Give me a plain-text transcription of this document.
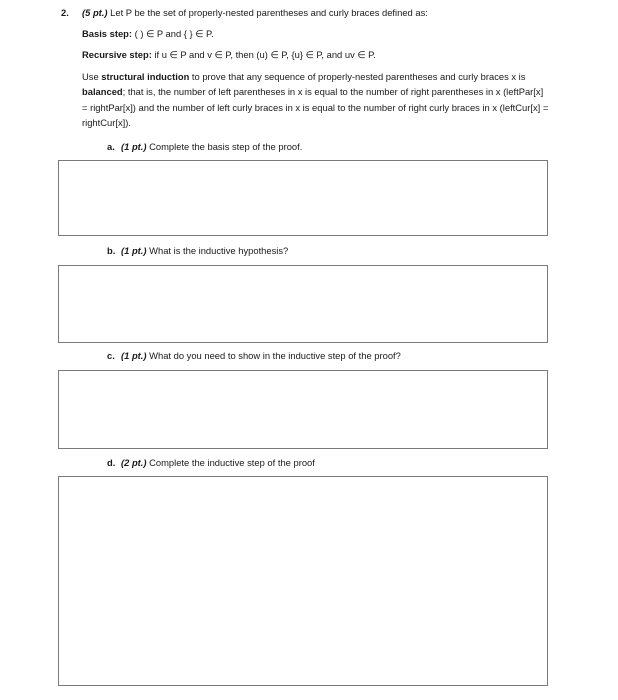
2. (5 pt.) Let P be the set of properly-nested parentheses and curly braces defined as:
Basis step: ( ) ∈ P and { } ∈ P.
Recursive step: if u ∈ P and v ∈ P, then (u) ∈ P, {u} ∈ P, and uv ∈ P.
Use structural induction to prove that any sequence of properly-nested parentheses and curly braces x is balanced; that is, the number of left parentheses in x is equal to the number of right parentheses in x (leftPar[x] = rightPar[x]) and the number of left curly braces in x is equal to the number of right curly braces in x (leftCur[x] = rightCur[x]).
a. (1 pt.) Complete the basis step of the proof.
b. (1 pt.) What is the inductive hypothesis?
c. (1 pt.) What do you need to show in the inductive step of the proof?
d. (2 pt.) Complete the inductive step of the proof
